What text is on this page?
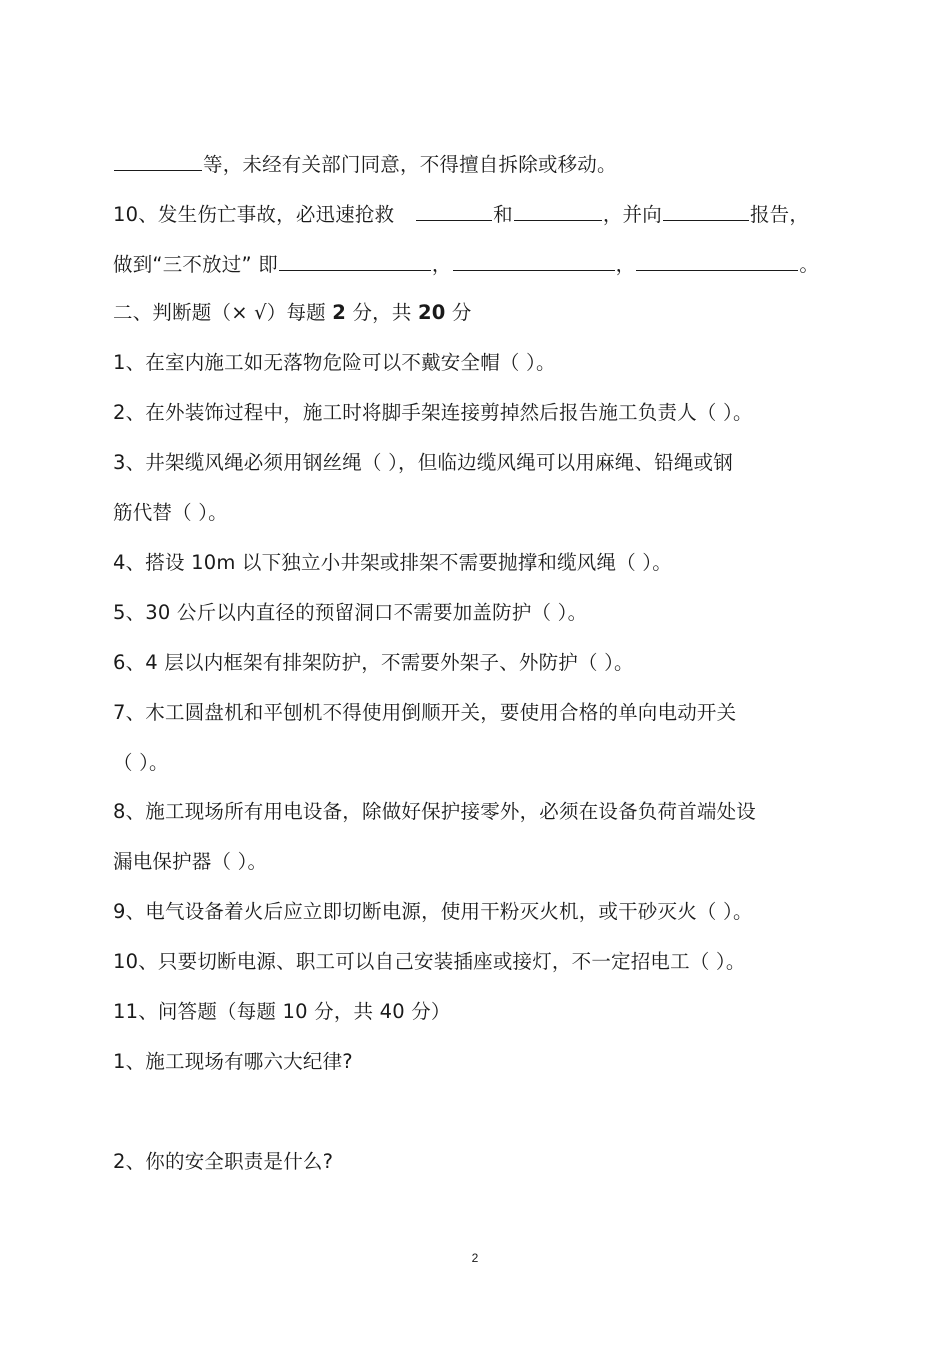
等，未经有关部门同意，不得擅自拆除或移动。
10、发生伤亡事故，必迅速抢救	和	，并向	报告，
做到“三不放过” 即	，	，	。
二、判断题（× √）每题 2 分，共 20 分
1、在室内施工如无落物危险可以不戴安全帽（ ）。
2、在外装饰过程中，施工时将脚手架连接剪掉然后报告施工负责人（ ）。
3、井架缆风绳必须用钢丝绳（ ），但临边缆风绳可以用麻绳、铅绳或钢
筋代替（ ）。
4、搭设 10m 以下独立小井架或排架不需要抛撑和缆风绳（ ）。
5、30 公斤以内直径的预留洞口不需要加盖防护（ ）。
6、4 层以内框架有排架防护，不需要外架子、外防护（ ）。
7、木工圆盘机和平刨机不得使用倒顺开关，要使用合格的单向电动开关
（ ）。
8、施工现场所有用电设备，除做好保护接零外，必须在设备负荷首端处设
漏电保护器（ ）。
9、电气设备着火后应立即切断电源，使用干粉灭火机，或干砂灭火（ ）。
10、只要切断电源、职工可以自己安装插座或接灯，不一定招电工（ ）。
11、问答题（每题 10 分，共 40 分）
1、施工现场有哪六大纪律?
2、你的安全职责是什么?
2
